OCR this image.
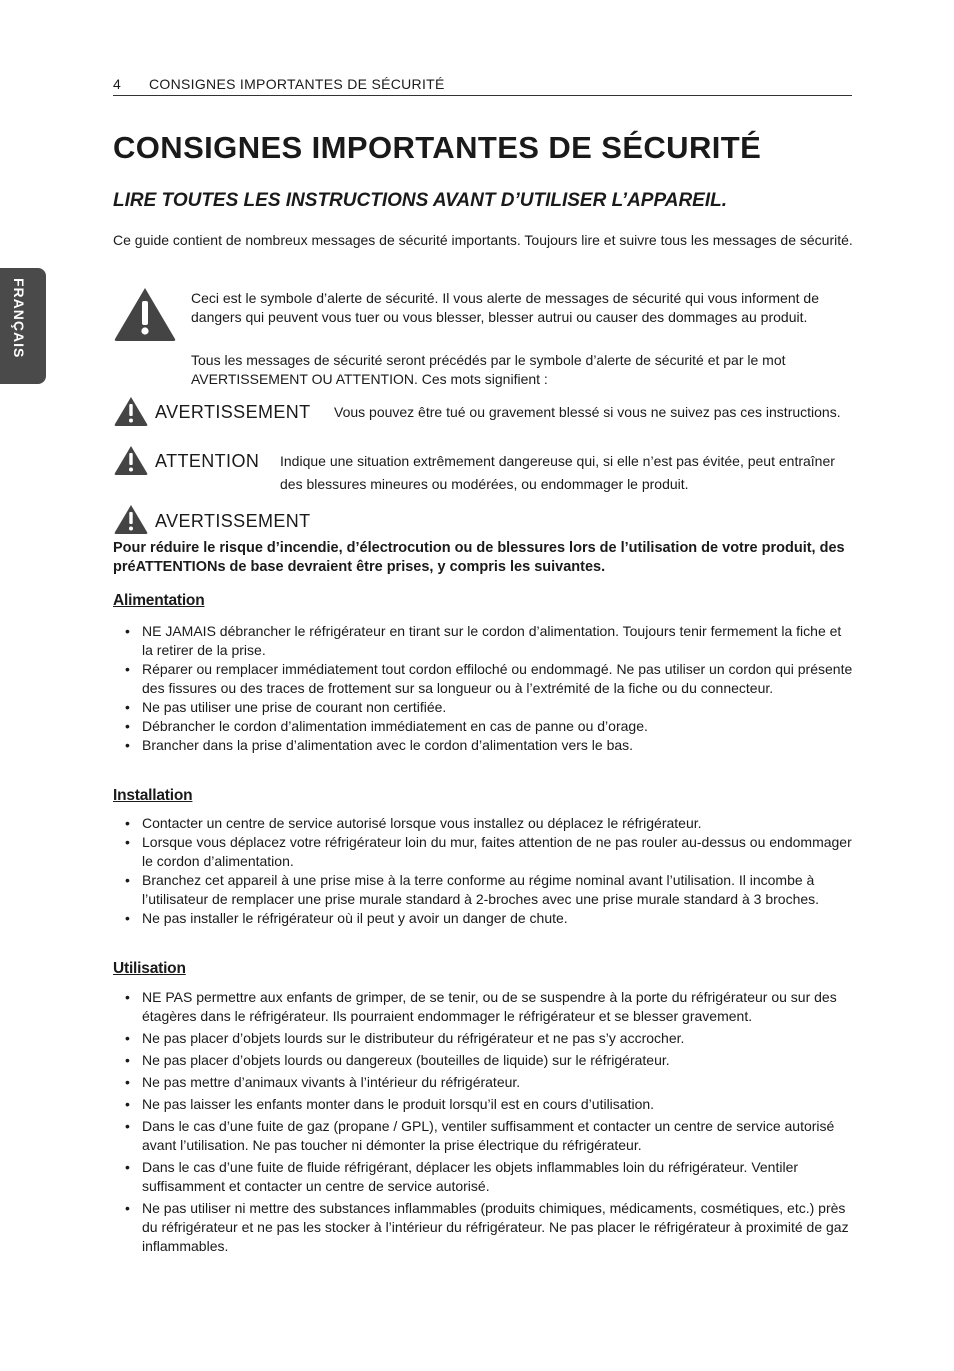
4 CONSIGNES IMPORTANTES DE SÉCURITÉ
FRANÇAIS
CONSIGNES IMPORTANTES DE SÉCURITÉ
LIRE TOUTES LES INSTRUCTIONS AVANT D’UTILISER L’APPAREIL.
Ce guide contient de nombreux messages de sécurité importants. Toujours lire et suivre tous les messages de sécurité.
Ceci est le symbole d’alerte de sécurité. Il vous alerte de messages de sécurité qui vous informent de dangers qui peuvent vous tuer ou vous blesser, blesser autrui ou causer des dommages au produit.
Tous les messages de sécurité seront précédés par le symbole d’alerte de sécurité et par le mot AVERTISSEMENT OU ATTENTION. Ces mots signifient :
AVERTISSEMENT Vous pouvez être tué ou gravement blessé si vous ne suivez pas ces instructions.
ATTENTION Indique une situation extrêmement dangereuse qui, si elle n’est pas évitée, peut entraîner des blessures mineures ou modérées, ou endommager le produit.
AVERTISSEMENT
Pour réduire le risque d’incendie, d’électrocution ou de blessures lors de l’utilisation de votre produit, des préATTENTIONs de base devraient être prises, y compris les suivantes.
Alimentation
• NE JAMAIS débrancher le réfrigérateur en tirant sur le cordon d’alimentation. Toujours tenir fermement la fiche et la retirer de la prise.
• Réparer ou remplacer immédiatement tout cordon effiloché ou endommagé. Ne pas utiliser un cordon qui présente des fissures ou des traces de frottement sur sa longueur ou à l’extrémité de la fiche ou du connecteur.
• Ne pas utiliser une prise de courant non certifiée.
• Débrancher le cordon d’alimentation immédiatement en cas de panne ou d’orage.
• Brancher dans la prise d’alimentation avec le cordon d’alimentation vers le bas.
Installation
• Contacter un centre de service autorisé lorsque vous installez ou déplacez le réfrigérateur.
• Lorsque vous déplacez votre réfrigérateur loin du mur, faites attention de ne pas rouler au-dessus ou endommager le cordon d’alimentation.
• Branchez cet appareil à une prise mise à la terre conforme au régime nominal avant l’utilisation. Il incombe à l’utilisateur de remplacer une prise murale standard à 2-broches avec une prise murale standard à 3 broches.
• Ne pas installer le réfrigérateur où il peut y avoir un danger de chute.
Utilisation
• NE PAS permettre aux enfants de grimper, de se tenir, ou de se suspendre à la porte du réfrigérateur ou sur des étagères dans le réfrigérateur. Ils pourraient endommager le réfrigérateur et se blesser gravement.
• Ne pas placer d’objets lourds sur le distributeur du réfrigérateur et ne pas s’y accrocher.
• Ne pas placer d’objets lourds ou dangereux (bouteilles de liquide) sur le réfrigérateur.
• Ne pas mettre d’animaux vivants à l’intérieur du réfrigérateur.
• Ne pas laisser les enfants monter dans le produit lorsqu’il est en cours d’utilisation.
• Dans le cas d’une fuite de gaz (propane / GPL), ventiler suffisamment et contacter un centre de service autorisé avant l’utilisation. Ne pas toucher ni démonter la prise électrique du réfrigérateur.
• Dans le cas d’une fuite de fluide réfrigérant, déplacer les objets inflammables loin du réfrigérateur. Ventiler suffisamment et contacter un centre de service autorisé.
• Ne pas utiliser ni mettre des substances inflammables (produits chimiques, médicaments, cosmétiques, etc.) près du réfrigérateur et ne pas les stocker à l’intérieur du réfrigérateur. Ne pas placer le réfrigérateur à proximité de gaz inflammables.
